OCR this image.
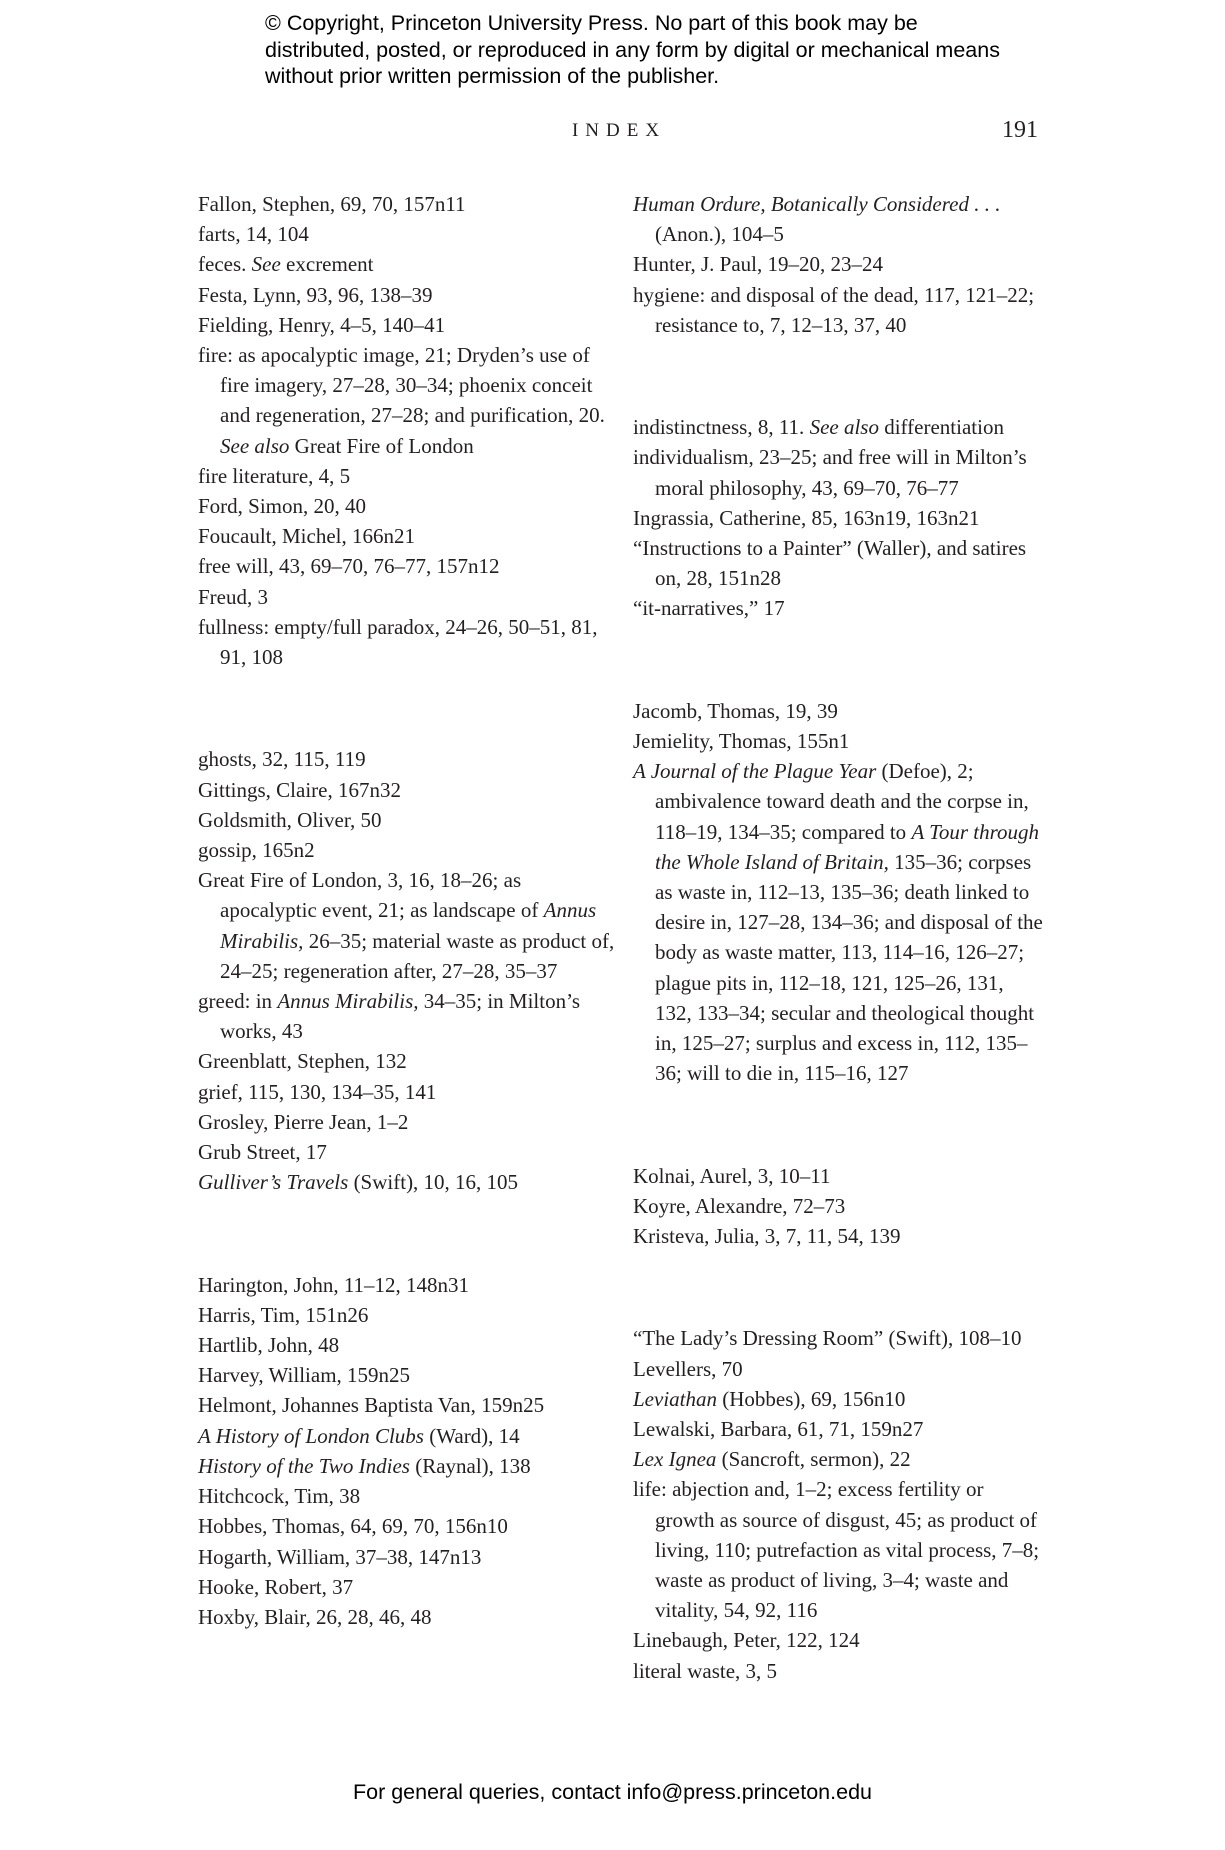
© Copyright, Princeton University Press. No part of this book may be distributed, posted, or reproduced in any form by digital or mechanical means without prior written permission of the publisher.
INDEX	191

Fallon, Stephen, 69, 70, 157n11

farts, 14, 104

feces. See excrement

Festa, Lynn, 93, 96, 138–39

Fielding, Henry, 4–5, 140–41

fire: as apocalyptic image, 21; Dryden’s use of fire imagery, 27–28, 30–34; phoenix conceit and regeneration, 27–28; and purification, 20. See also Great Fire of London

fire literature, 4, 5

Ford, Simon, 20, 40

Foucault, Michel, 166n21

free will, 43, 69–70, 76–77, 157n12

Freud, 3

fullness: empty/full paradox, 24–26, 50–51, 81, 91, 108

ghosts, 32, 115, 119

Gittings, Claire, 167n32

Goldsmith, Oliver, 50

gossip, 165n2

Great Fire of London, 3, 16, 18–26; as apocalyptic event, 21; as landscape of Annus Mirabilis, 26–35; material waste as product of, 24–25; regeneration after, 27–28, 35–37

greed: in Annus Mirabilis, 34–35; in Milton’s works, 43

Greenblatt, Stephen, 132

grief, 115, 130, 134–35, 141

Grosley, Pierre Jean, 1–2

Grub Street, 17

Gulliver’s Travels (Swift), 10, 16, 105

Harington, John, 11–12, 148n31

Harris, Tim, 151n26

Hartlib, John, 48

Harvey, William, 159n25

Helmont, Johannes Baptista Van, 159n25

A History of London Clubs (Ward), 14

History of the Two Indies (Raynal), 138

Hitchcock, Tim, 38

Hobbes, Thomas, 64, 69, 70, 156n10

Hogarth, William, 37–38, 147n13

Hooke, Robert, 37

Hoxby, Blair, 26, 28, 46, 48

Human Ordure, Botanically Considered . . . (Anon.), 104–5

Hunter, J. Paul, 19–20, 23–24

hygiene: and disposal of the dead, 117, 121–22; resistance to, 7, 12–13, 37, 40

indistinctness, 8, 11. See also differentiation

individualism, 23–25; and free will in Milton’s moral philosophy, 43, 69–70, 76–77

Ingrassia, Catherine, 85, 163n19, 163n21

“Instructions to a Painter” (Waller), and satires on, 28, 151n28

“it-narratives,” 17

Jacomb, Thomas, 19, 39

Jemielity, Thomas, 155n1

A Journal of the Plague Year (Defoe), 2; ambivalence toward death and the corpse in, 118–19, 134–35; compared to A Tour through the Whole Island of Britain, 135–36; corpses as waste in, 112–13, 135–36; death linked to desire in, 127–28, 134–36; and disposal of the body as waste matter, 113, 114–16, 126–27; plague pits in, 112–18, 121, 125–26, 131, 132, 133–34; secular and theological thought in, 125–27; surplus and excess in, 112, 135–36; will to die in, 115–16, 127

Kolnai, Aurel, 3, 10–11

Koyre, Alexandre, 72–73

Kristeva, Julia, 3, 7, 11, 54, 139

“The Lady’s Dressing Room” (Swift), 108–10

Levellers, 70

Leviathan (Hobbes), 69, 156n10

Lewalski, Barbara, 61, 71, 159n27

Lex Ignea (Sancroft, sermon), 22

life: abjection and, 1–2; excess fertility or growth as source of disgust, 45; as product of living, 110; putrefaction as vital process, 7–8; waste as product of living, 3–4; waste and vitality, 54, 92, 116

Linebaugh, Peter, 122, 124

literal waste, 3, 5

For general queries, contact info@press.princeton.edu
